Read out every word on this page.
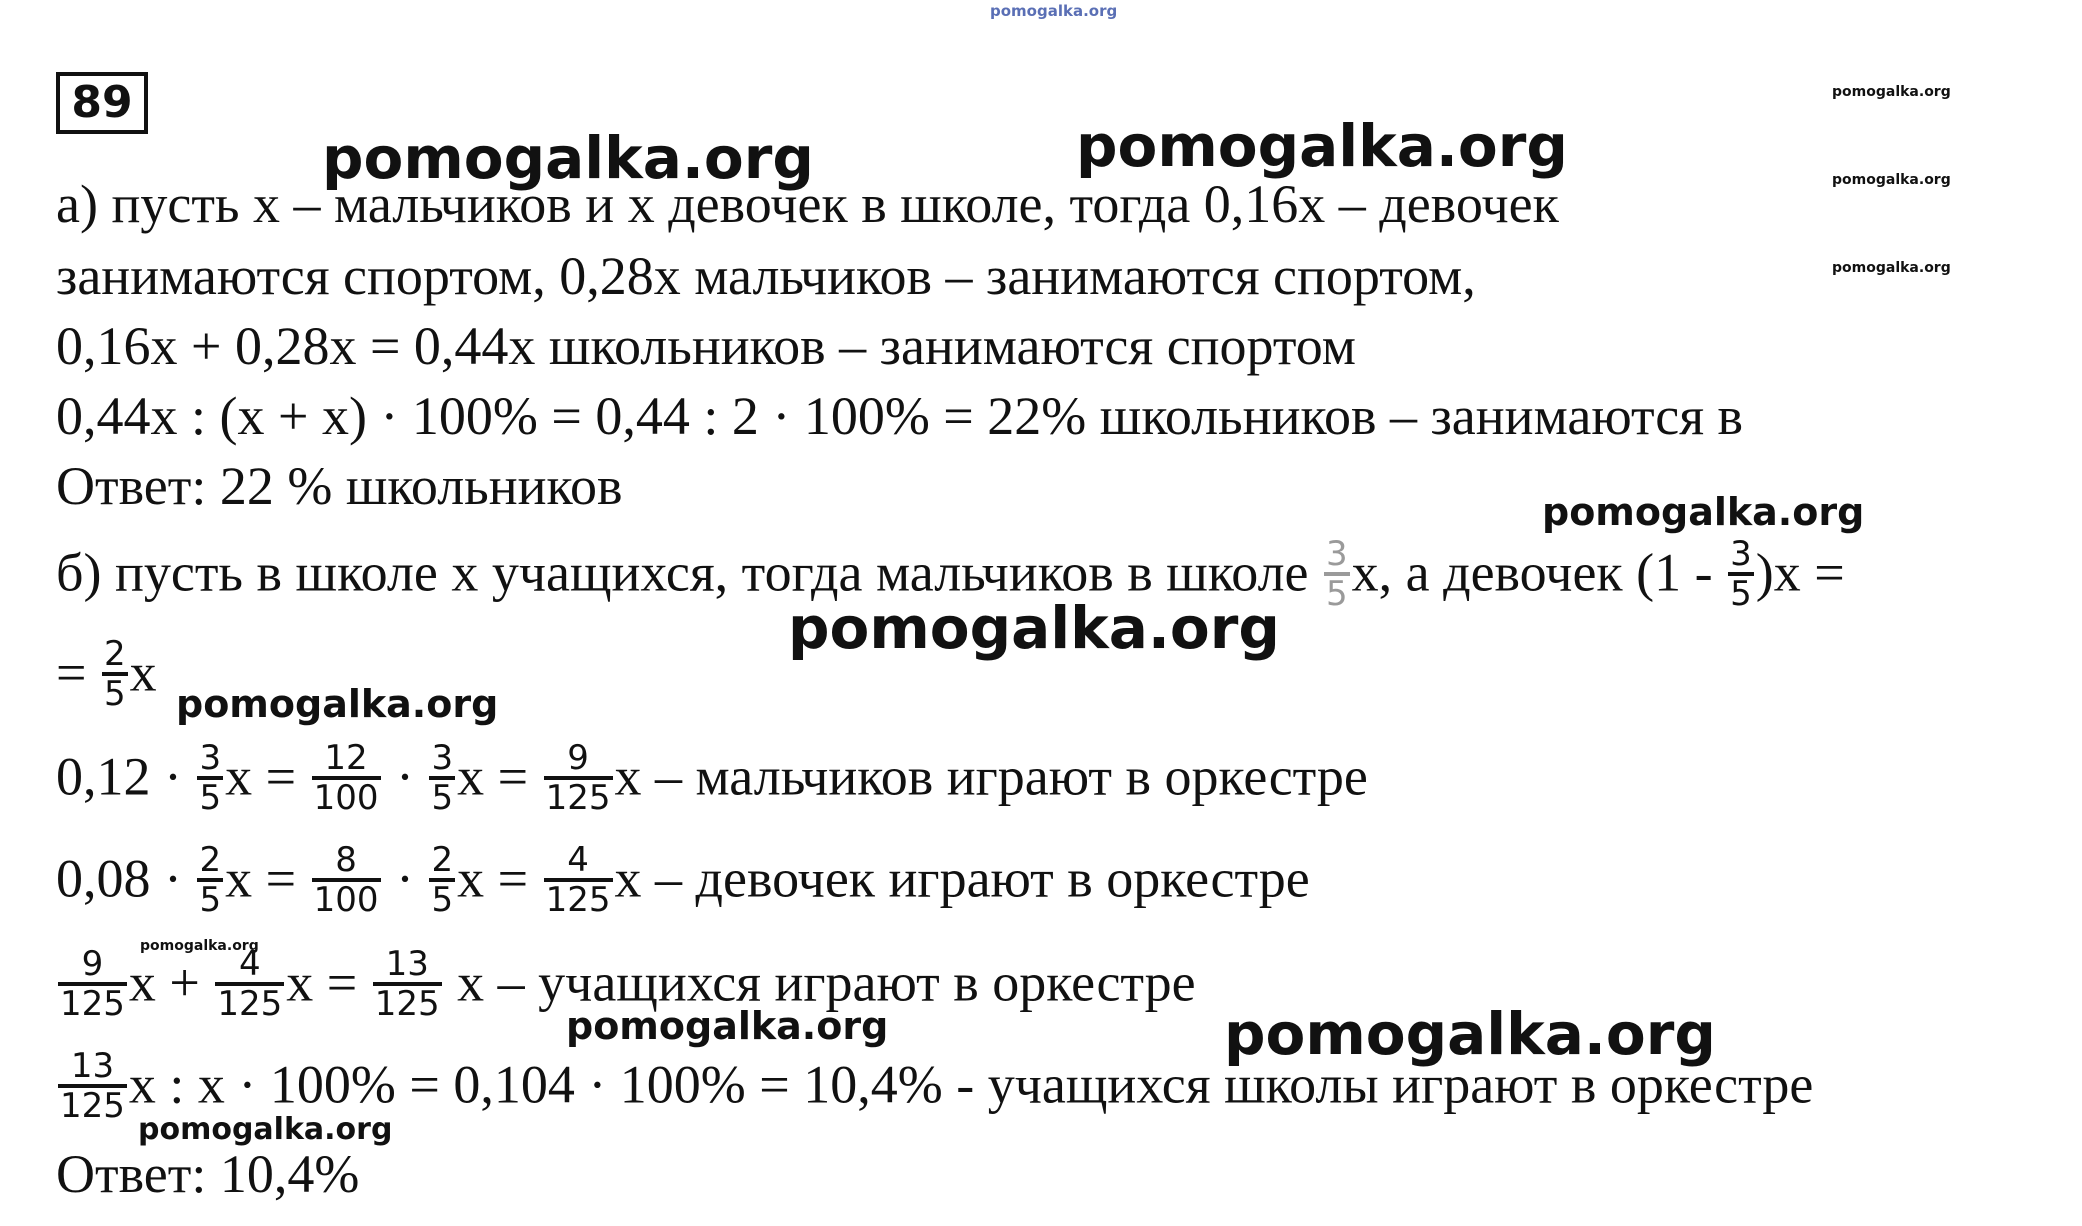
pomogalka.org
89
pomogalka.org	pomogalka.org
pomogalka.org
pomogalka.org
pomogalka.org
pomogalka.org
pomogalka.org
pomogalka.org
pomogalka.org
pomogalka.org	pomogalka.org
pomogalka.org
а) пусть х – мальчиков и х девочек в школе, тогда 0,16х – девочек
занимаются спортом, 0,28х мальчиков – занимаются спортом,
0,16х + 0,28х = 0,44х школьников – занимаются спортом
0,44х : (х + х) · 100% = 0,44 : 2 · 100% = 22% школьников – занимаются в
Ответ: 22 % школьников
б) пусть в школе х учащихся, тогда мальчиков в школе $\frac{3}{5} х$, а девочек $(1 - \frac{3}{5} )х$ =
= $\frac{2}{5}$ х
$0,12 \cdot \frac{3}{5}$ $х = \frac{12}{100} \cdot \frac{3}{5}$ $х = \frac{9}{125}$ х – мальчиков играют в оркестре
$0,08 \cdot \frac{2}{5}$ $х = \frac{8}{100} \cdot \frac{2}{5}$ $х = \frac{4}{125}$ х – девочек играют в оркестре
$\frac{9}{125}$ $х + \frac{4}{125}$ $х = \frac{13}{125}$ х – учащихся играют в оркестре
$\frac{13}{125}$ х : х · 100% = 0,104 · 100% = 10,4% - учащихся школы играют в оркестре
Ответ: 10,4%
